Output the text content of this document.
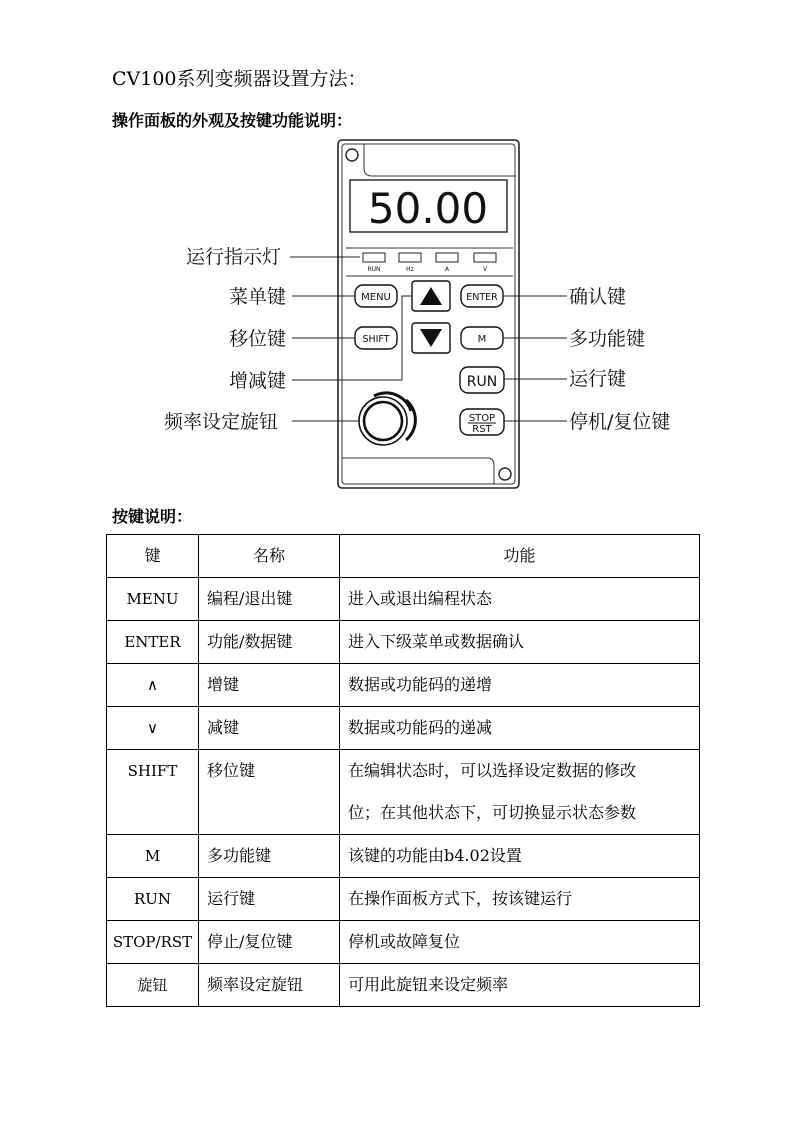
CV100系列变频器设置方法：
操作面板的外观及按键功能说明：
50.00
RUN	Hz	A	V
MENU	ENTER
SHIFT	M
RUN
STOP
RST
运行指示灯
菜单键
移位键
增减键
频率设定旋钮
确认键
多功能键
运行键
停机/复位键
按键说明：
键	名称	功能
MENU	编程/退出键	进入或退出编程状态
ENTER	功能/数据键	进入下级菜单或数据确认
∧	增键	数据或功能码的递增
∨	减键	数据或功能码的递减
SHIFT	移位键	在编辑状态时，可以选择设定数据的修改
位；在其他状态下，可切换显示状态参数

M	多功能键	该键的功能由b4.02设置
RUN	运行键	在操作面板方式下，按该键运行
STOP/RST	停止/复位键	停机或故障复位
旋钮	频率设定旋钮	可用此旋钮来设定频率
